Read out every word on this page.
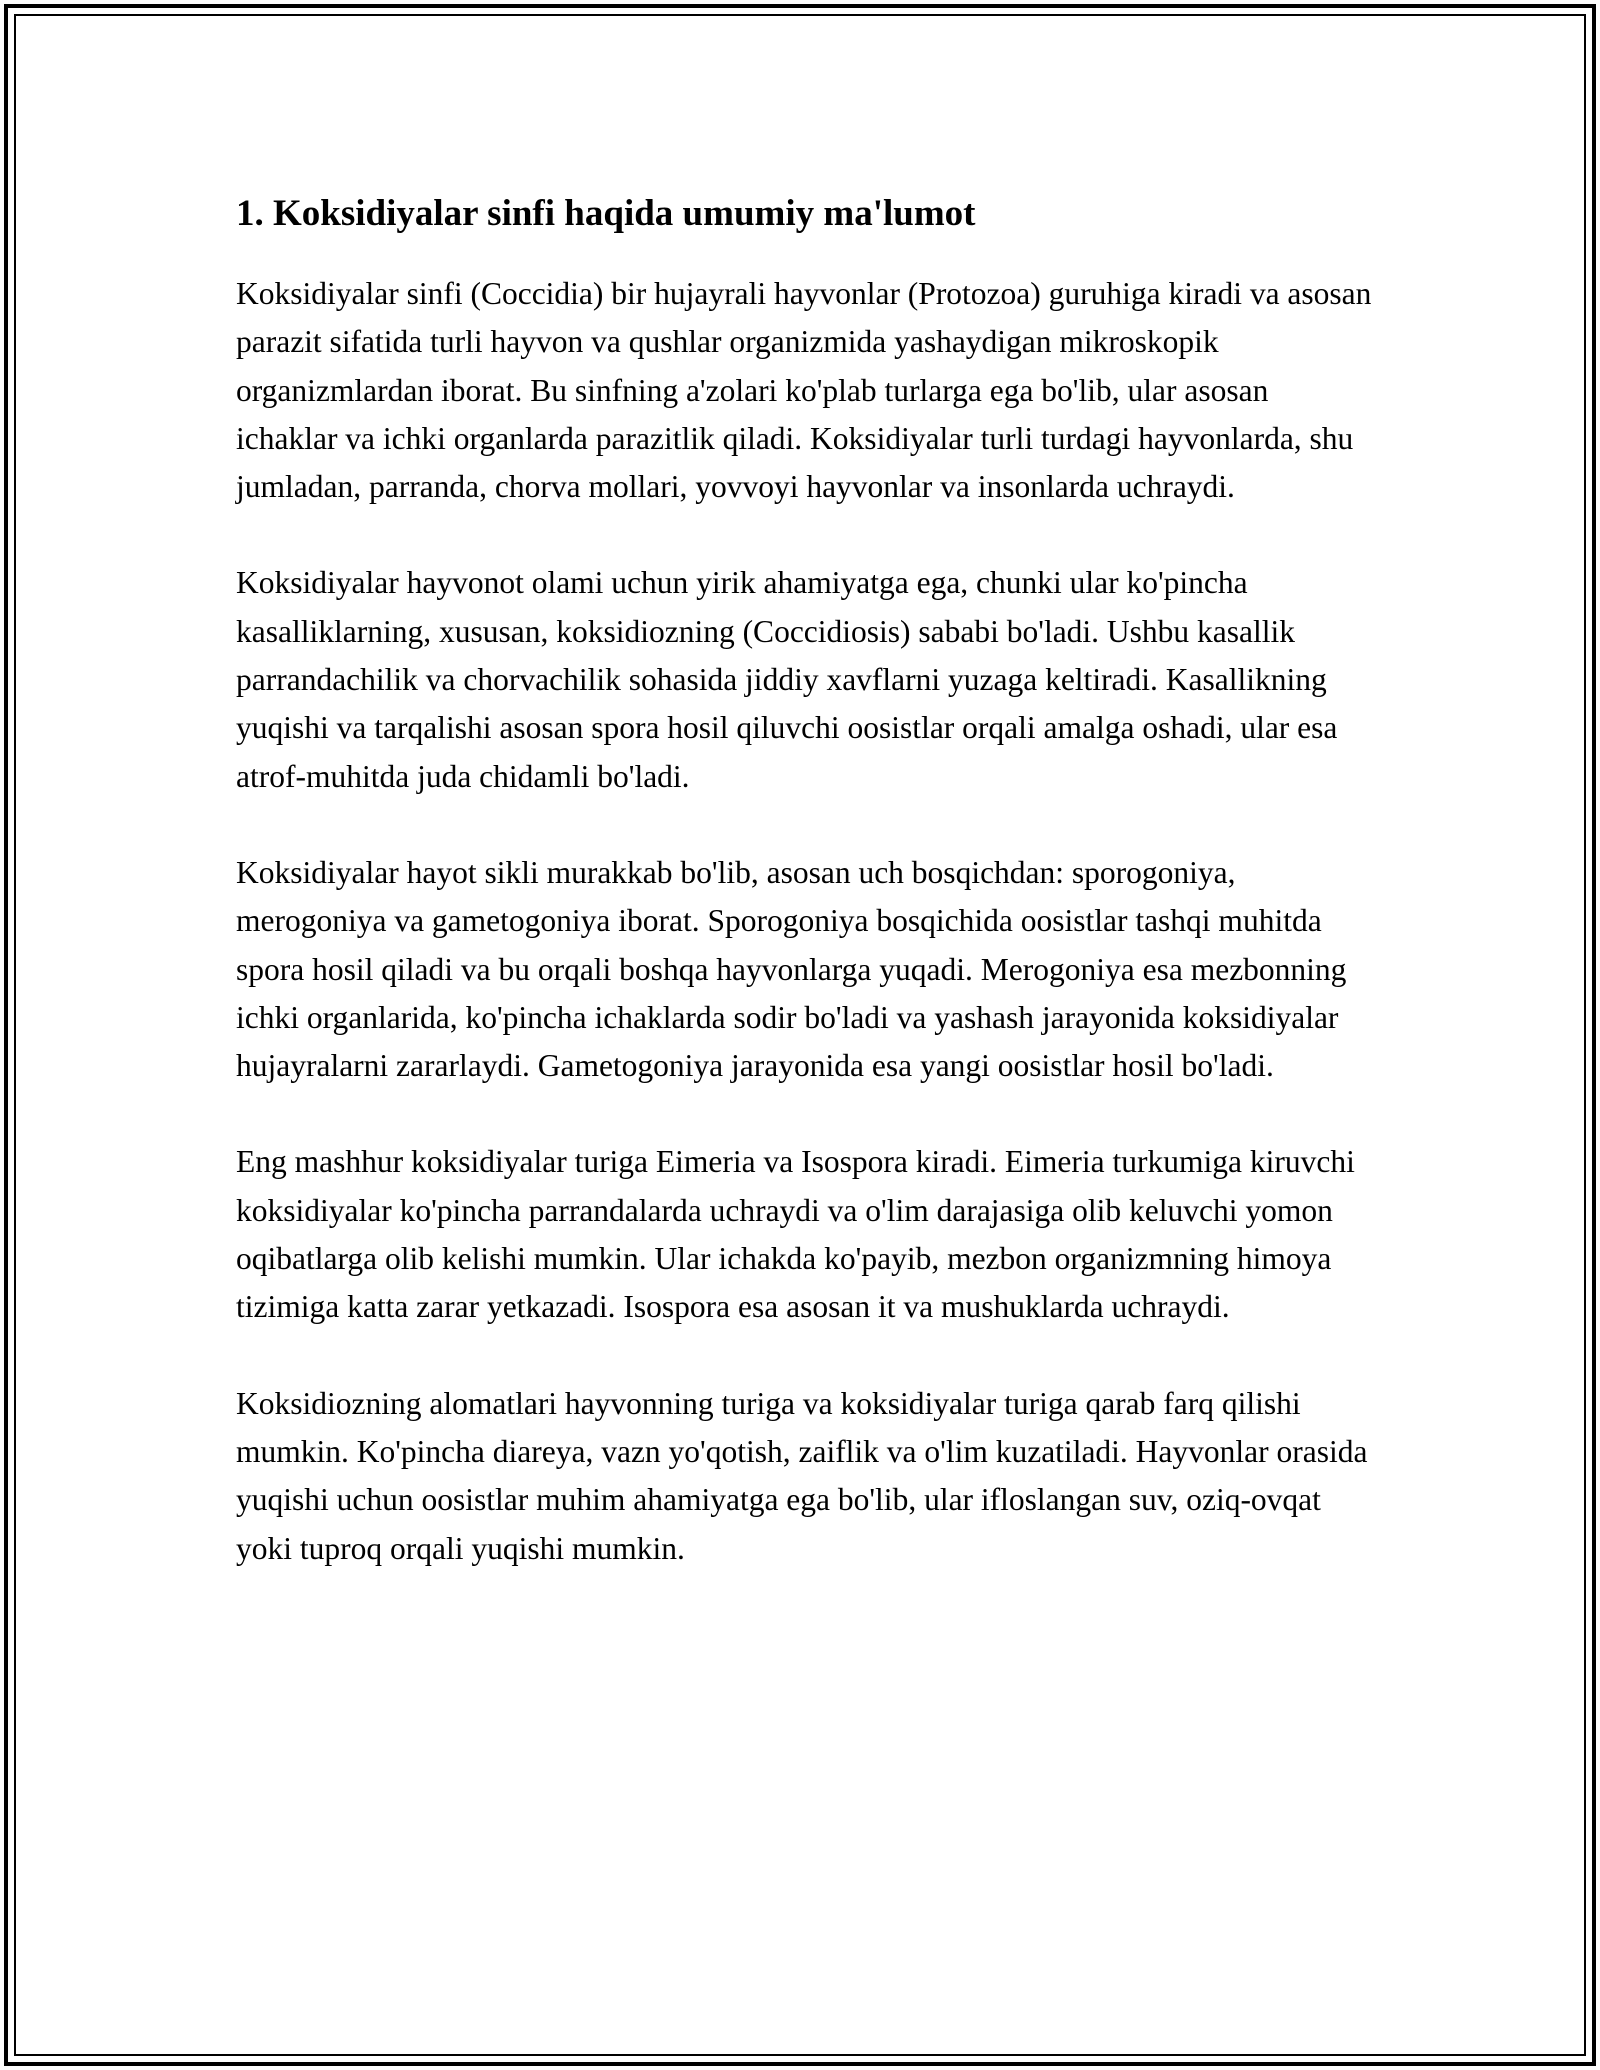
1. Koksidiyalar sinfi haqida umumiy ma'lumot

Koksidiyalar sinfi (Coccidia) bir hujayrali hayvonlar (Protozoa) guruhiga kiradi va asosan parazit sifatida turli hayvon va qushlar organizmida yashaydigan mikroskopik organizmlardan iborat. Bu sinfning a'zolari ko'plab turlarga ega bo'lib, ular asosan ichaklar va ichki organlarda parazitlik qiladi. Koksidiyalar turli turdagi hayvonlarda, shu jumladan, parranda, chorva mollari, yovvoyi hayvonlar va insonlarda uchraydi.

Koksidiyalar hayvonot olami uchun yirik ahamiyatga ega, chunki ular ko'pincha kasalliklarning, xususan, koksidiozning (Coccidiosis) sababi bo'ladi. Ushbu kasallik parrandachilik va chorvachilik sohasida jiddiy xavflarni yuzaga keltiradi. Kasallikning yuqishi va tarqalishi asosan spora hosil qiluvchi oosistlar orqali amalga oshadi, ular esa atrof-muhitda juda chidamli bo'ladi.

Koksidiyalar hayot sikli murakkab bo'lib, asosan uch bosqichdan: sporogoniya, merogoniya va gametogoniya iborat. Sporogoniya bosqichida oosistlar tashqi muhitda spora hosil qiladi va bu orqali boshqa hayvonlarga yuqadi. Merogoniya esa mezbonning ichki organlarida, ko'pincha ichaklarda sodir bo'ladi va yashash jarayonida koksidiyalar hujayralarni zararlaydi. Gametogoniya jarayonida esa yangi oosistlar hosil bo'ladi.

Eng mashhur koksidiyalar turiga Eimeria va Isospora kiradi. Eimeria turkumiga kiruvchi koksidiyalar ko'pincha parrandalarda uchraydi va o'lim darajasiga olib keluvchi yomon oqibatlarga olib kelishi mumkin. Ular ichakda ko'payib, mezbon organizmning himoya tizimiga katta zarar yetkazadi. Isospora esa asosan it va mushuklarda uchraydi.

Koksidiozning alomatlari hayvonning turiga va koksidiyalar turiga qarab farq qilishi mumkin. Ko'pincha diareya, vazn yo'qotish, zaiflik va o'lim kuzatiladi. Hayvonlar orasida yuqishi uchun oosistlar muhim ahamiyatga ega bo'lib, ular ifloslangan suv, oziq-ovqat yoki tuproq orqali yuqishi mumkin.
